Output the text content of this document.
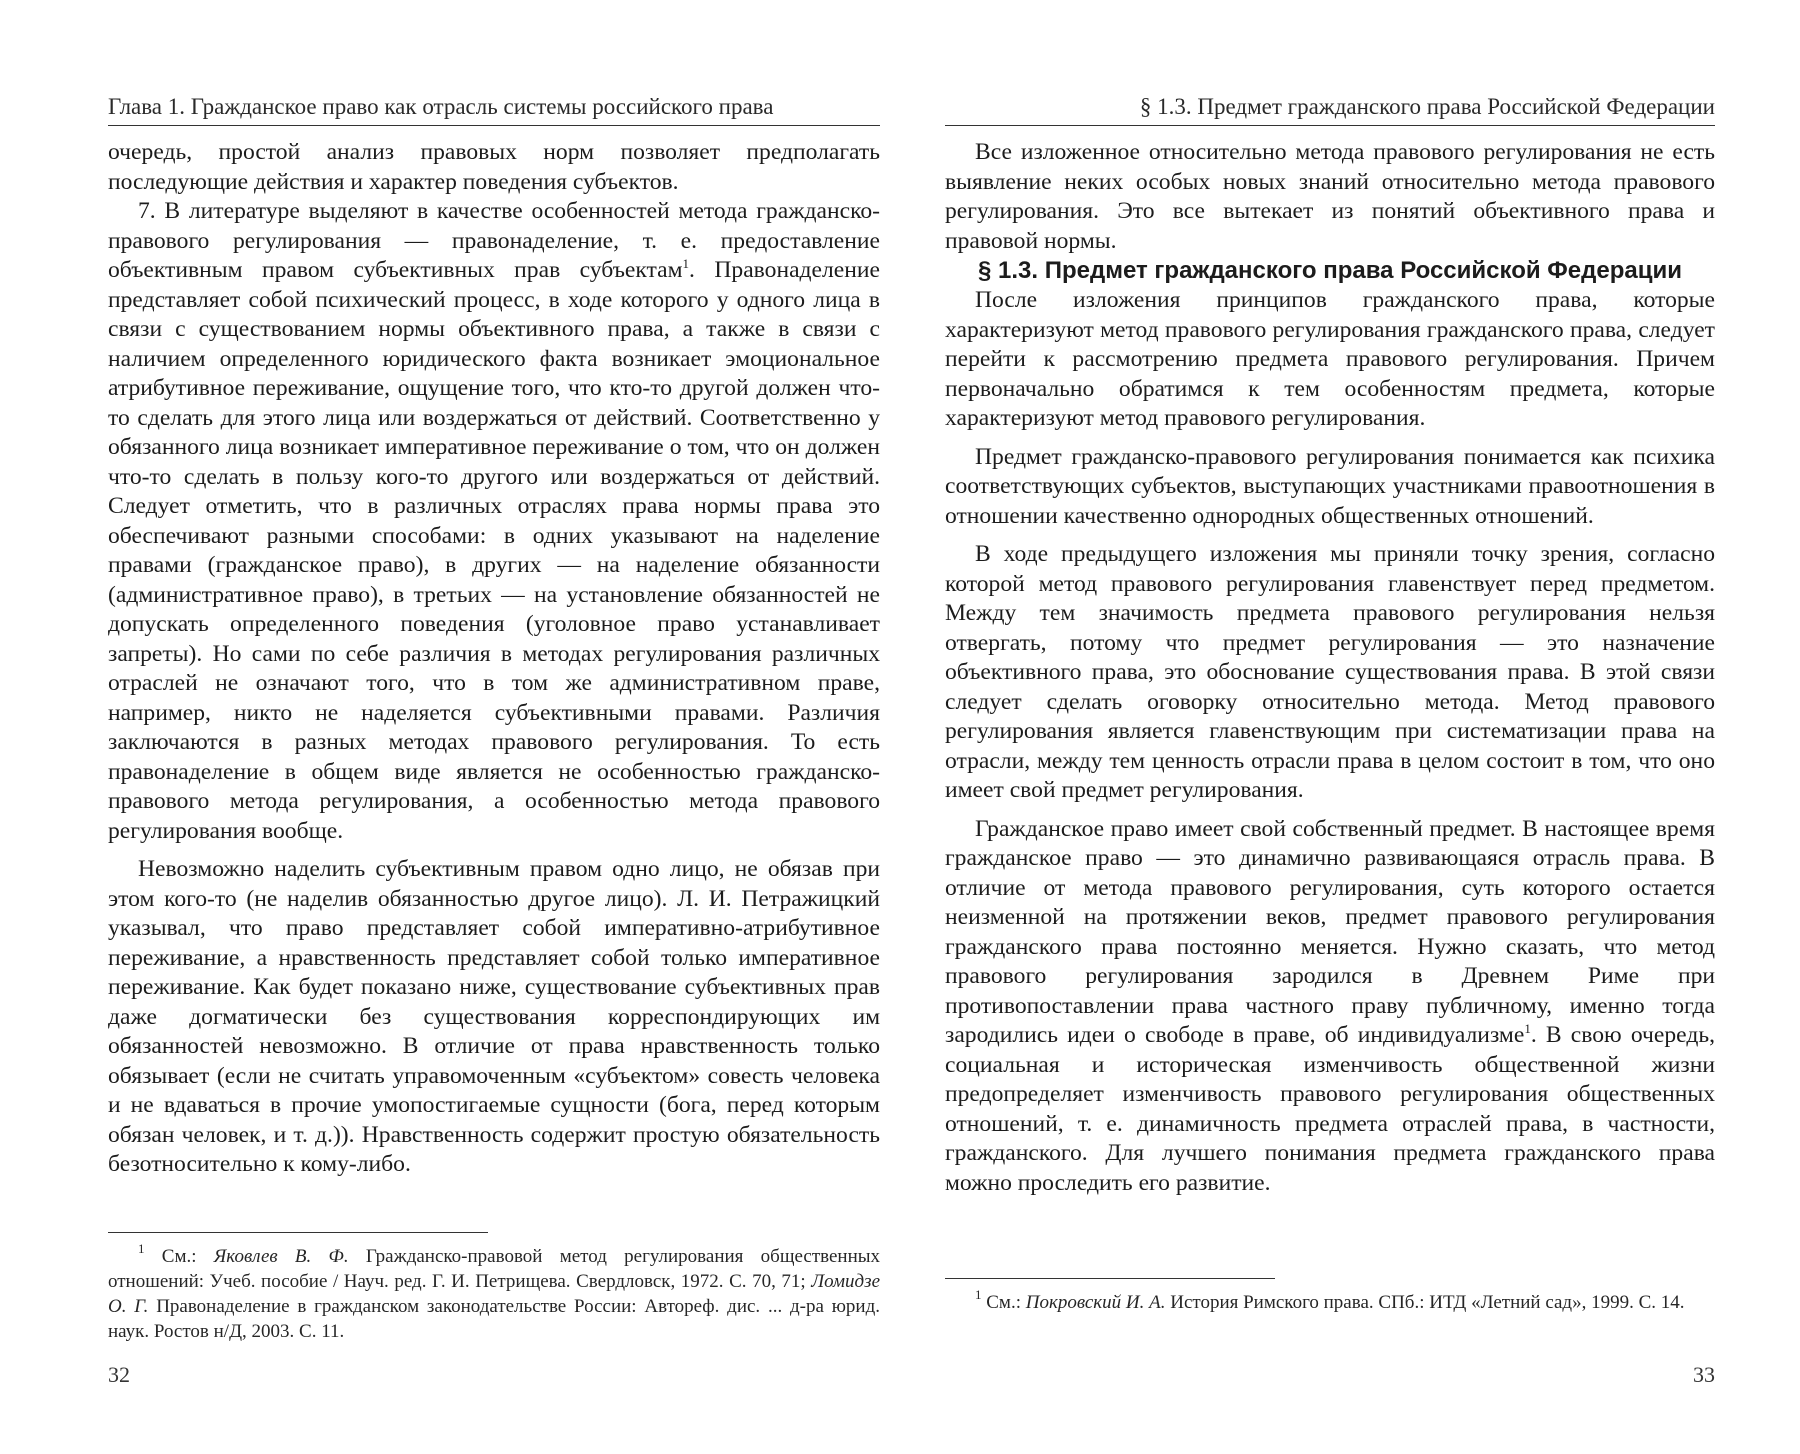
Глава 1. Гражданское право как отрасль системы российского права

очередь, простой анализ правовых норм позволяет предполагать последующие действия и характер поведения субъектов.

7. В литературе выделяют в качестве особенностей метода гражданско-правового регулирования — правонаделение, т. е. предоставление объективным правом субъективных прав субъектам$^1$. Правонаделение представляет собой психический процесс, в ходе которого у одного лица в связи с существованием нормы объективного права, а также в связи с наличием определенного юридического факта возникает эмоциональное атрибутивное переживание, ощущение того, что кто-то другой должен что-то сделать для этого лица или воздержаться от действий. Соответственно у обязанного лица возникает императивное переживание о том, что он должен что-то сделать в пользу кого-то другого или воздержаться от действий. Следует отметить, что в различных отраслях права нормы права это обеспечивают разными способами: в одних указывают на наделение правами (гражданское право), в других — на наделение обязанности (административное право), в третьих — на установление обязанностей не допускать определенного поведения (уголовное право устанавливает запреты). Но сами по себе различия в методах регулирования различных отраслей не означают того, что в том же административном праве, например, никто не наделяется субъективными правами. Различия заключаются в разных методах правового регулирования. То есть правонаделение в общем виде является не особенностью гражданско-правового метода регулирования, а особенностью метода правового регулирования вообще.

Невозможно наделить субъективным правом одно лицо, не обязав при этом кого-то (не наделив обязанностью другое лицо). Л. И. Петражицкий указывал, что право представляет собой императивно-атрибутивное переживание, а нравственность представляет собой только императивное переживание. Как будет показано ниже, существование субъективных прав даже догматически без существования корреспондирующих им обязанностей невозможно. В отличие от права нравственность только обязывает (если не считать управомоченным «субъектом» совесть человека и не вдаваться в прочие умопостигаемые сущности (бога, перед которым обязан человек, и т. д.)). Нравственность содержит простую обязательность безотносительно к кому-либо.

$^1$ См.: Яковлев В. Ф. Гражданско-правовой метод регулирования общественных отношений: Учеб. пособие / Науч. ред. Г. И. Петрищева. Свердловск, 1972. С. 70, 71; Ломидзе О. Г. Правонаделение в гражданском законодательстве России: Автореф. дис. ... д-ра юрид. наук. Ростов н/Д, 2003. С. 11.

32
§ 1.3. Предмет гражданского права Российской Федерации

Все изложенное относительно метода правового регулирования не есть выявление неких особых новых знаний относительно метода правового регулирования. Это все вытекает из понятий объективного права и правовой нормы.

§ 1.3. Предмет гражданского права Российской Федерации

После изложения принципов гражданского права, которые характеризуют метод правового регулирования гражданского права, следует перейти к рассмотрению предмета правового регулирования. Причем первоначально обратимся к тем особенностям предмета, которые характеризуют метод правового регулирования.

Предмет гражданско-правового регулирования понимается как психика соответствующих субъектов, выступающих участниками правоотношения в отношении качественно однородных общественных отношений.

В ходе предыдущего изложения мы приняли точку зрения, согласно которой метод правового регулирования главенствует перед предметом. Между тем значимость предмета правового регулирования нельзя отвергать, потому что предмет регулирования — это назначение объективного права, это обоснование существования права. В этой связи следует сделать оговорку относительно метода. Метод правового регулирования является главенствующим при систематизации права на отрасли, между тем ценность отрасли права в целом состоит в том, что оно имеет свой предмет регулирования.

Гражданское право имеет свой собственный предмет. В настоящее время гражданское право — это динамично развивающаяся отрасль права. В отличие от метода правового регулирования, суть которого остается неизменной на протяжении веков, предмет правового регулирования гражданского права постоянно меняется. Нужно сказать, что метод правового регулирования зародился в Древнем Риме при противопоставлении права частного праву публичному, именно тогда зародились идеи о свободе в праве, об индивидуализме$^1$. В свою очередь, социальная и историческая изменчивость общественной жизни предопределяет изменчивость правового регулирования общественных отношений, т. е. динамичность предмета отраслей права, в частности, гражданского. Для лучшего понимания предмета гражданского права можно проследить его развитие.

$^1$ См.: Покровский И. А. История Римского права. СПб.: ИТД «Летний сад», 1999. С. 14.

33
